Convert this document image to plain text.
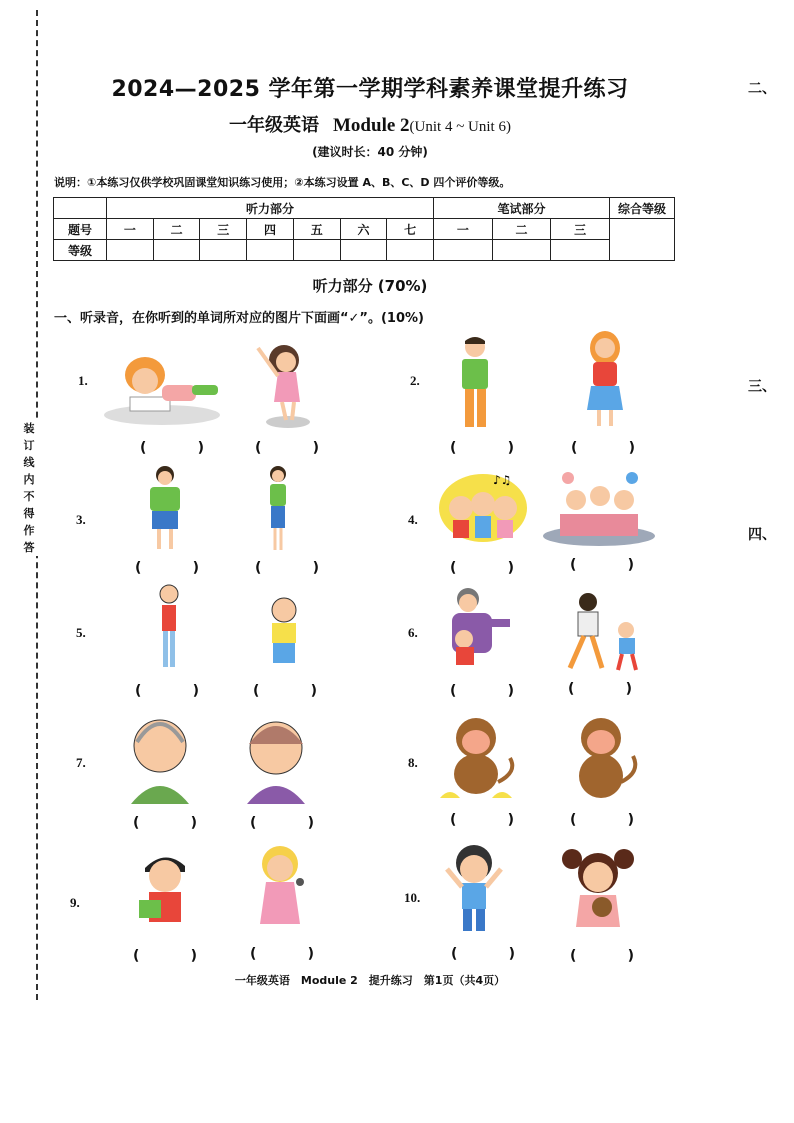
装订线内不得作答
二、
三、
四、
2024—2025 学年第一学期学科素养课堂提升练习
一年级英语 Module 2(Unit 4 ~ Unit 6)
(建议时长：40 分钟)
说明：①本练习仅供学校巩固课堂知识练习使用；②本练习设置 A、B、C、D 四个评价等级。
	听力部分							笔试部分			综合等级
题号	一	二	三	四	五	六	七	一	二	三	
等级											
听力部分 (70%)
一、听录音，在你听到的单词所对应的图片下面画“✓”。(10%)
1.	2.
3.	4.
5.	6.
7.	8.
9.	10.
♪♫
(	)	(	)	(	)	(	)
(	)	(	)	(	)	(	)
(	)	(	)	(	)	(	)
(	)	(	)	(	)	(	)
(	)	(	)	(	)	(	)
一年级英语　Module 2　提升练习　第1页（共4页）
